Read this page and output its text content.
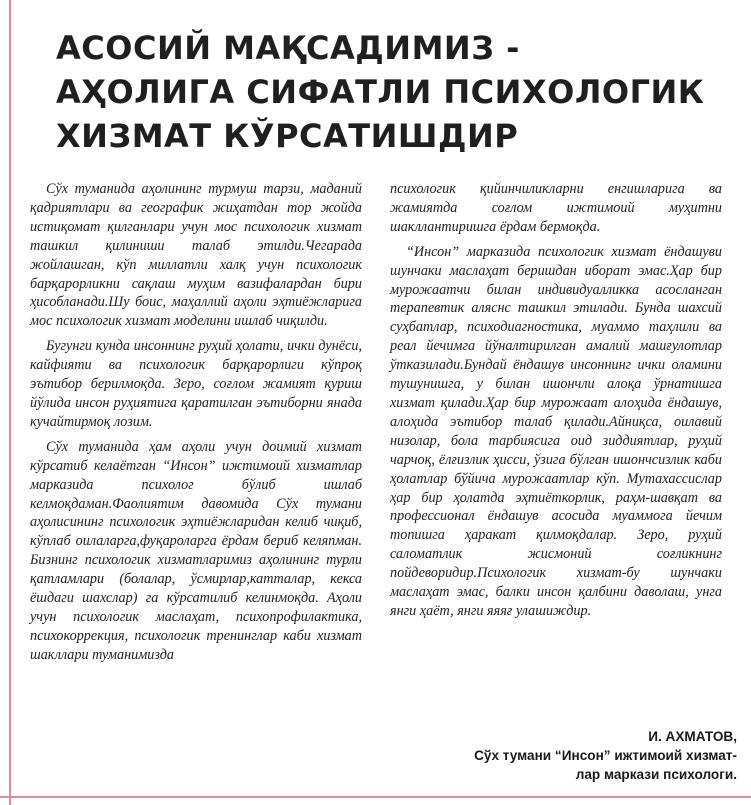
АСОСИЙ МАҚСАДИМИЗ -
АҲОЛИГА СИФАТЛИ ПСИХОЛОГИК
ХИЗМАТ КЎРСАТИШДИР

Сўх туманида аҳолининг турмуш тарзи, маданий қадриятлари ва географик жиҳатдан тор жойда истиқомат қилганлари учун мос психологик хизмат ташкил қилиниши талаб этилди.Чегарада жойлашган, кўп миллатли халқ учун психологик барқарорликни сақлаш муҳим вазифалардан бири ҳисобланади.Шу боис, маҳаллий аҳоли эҳтиёжларига мос психологик хизмат моделини ишлаб чиқилди.

Бугунги кунда инсоннинг руҳий ҳолати, ички дунёси, кайфияти ва психологик барқарорлиги кўпроқ эътибор берилмоқда. Зеро, соғлом жамият қуриш йўлида инсон руҳиятига қаратилган эътиборни янада кучайтирмоқ лозим.

Сўх туманида ҳам аҳоли учун доимий хизмат кўрсатиб келаётган “Инсон” ижтимоий хизматлар марказида психолог бўлиб ишлаб келмоқдаман.Фаолиятим давомида Сўх тумани аҳолисининг психологик эҳтиёжларидан келиб чиқиб, кўплаб оилаларга,фуқароларга ёрдам бериб келяпман. Бизнинг психологик хизматларимиз аҳолининг турли қатламлари (болалар, ўсмирлар,катталар, кекса ёшдаги шахслар) га кўрсатилиб келинмоқда. Аҳоли учун психологик маслаҳат, психопрофилактика, психокоррекция, психологик тренинглар каби хизмат шакллари туманимизда

психологик қийинчиликларни енгишларига ва жамиятда соғлом ижтимоий муҳитни шакллантиришга ёрдам бермоқда.

“Инсон” марказида психологик хизмат ёндашуви шунчаки маслаҳат беришдан иборат эмас.Ҳар бир мурожаатчи билан индивидуалликка асосланган терапевтик аляснс ташкил этилади. Бунда шахсий суҳбатлар, психодиагностика, муаммо таҳлили ва реал йечимга йўналтирилган амалий машғулотлар ўтказилади.Бундай ёндашув инсоннинг ички оламини тушунишга, у билан ишончли алоқа ўрнатишга хизмат қилади.Ҳар бир мурожаат алоҳида ёндашув, алоҳида эътибор талаб қилади.Айниқса, оилавий низолар, бола тарбиясига оид зиддиятлар, руҳий чарчоқ, ёлғизлик ҳисси, ўзига бўлган ишончсизлик каби ҳолатлар бўйича мурожаатлар кўп. Мутахассислар ҳар бир ҳолатда эҳтиёткорлик, раҳм-шавқат ва профессионал ёндашув асосида муаммога йечим топишга ҳаракат қилмоқдалар. Зеро, руҳий саломатлик жисмоний соғликнинг пойдеворидир.Психологик хизмат-бу шунчаки маслаҳат эмас, балки инсон қалбини даволаш, унга янги ҳаёт, янги яяяғ улашиждир.

И. АХМАТОВ,
Сўх тумани “Инсон” ижтимоий хизмат-
лар маркази психологи.
